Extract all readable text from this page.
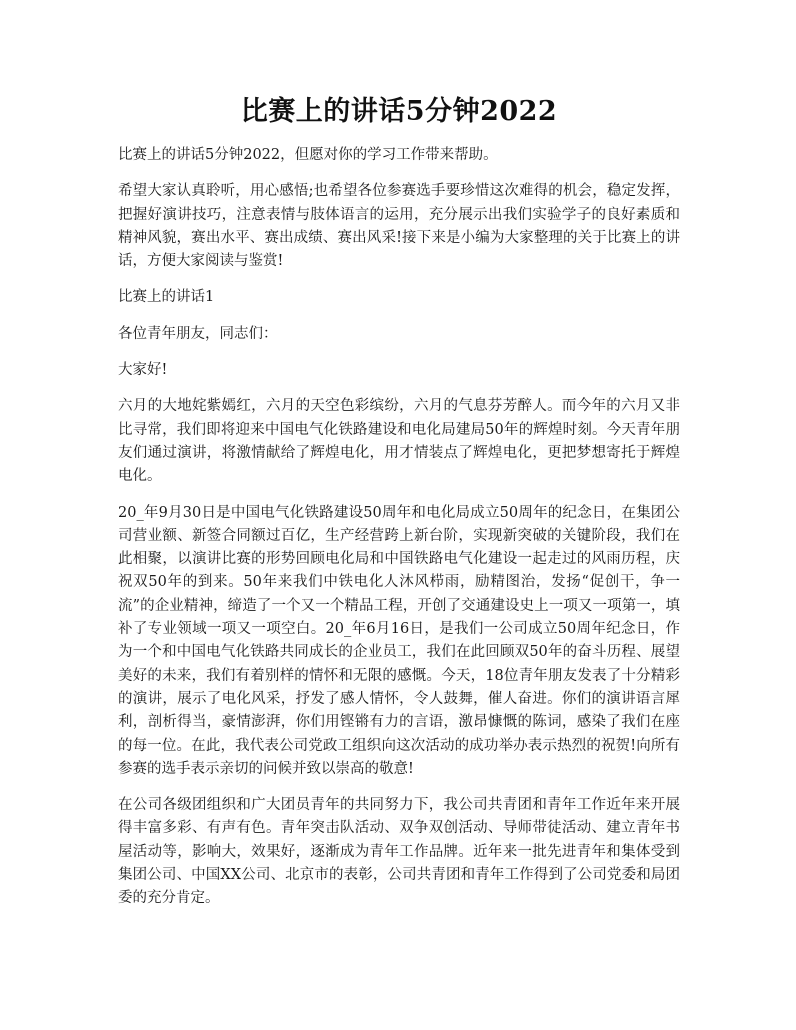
比赛上的讲话5分钟2022

比赛上的讲话5分钟2022，但愿对你的学习工作带来帮助。

希望大家认真聆听，用心感悟;也希望各位参赛选手要珍惜这次难得的机会，稳定发挥，把握好演讲技巧，注意表情与肢体语言的运用，充分展示出我们实验学子的良好素质和精神风貌，赛出水平、赛出成绩、赛出风采!接下来是小编为大家整理的关于比赛上的讲话，方便大家阅读与鉴赏!

比赛上的讲话1

各位青年朋友，同志们：

大家好!

六月的大地姹紫嫣红，六月的天空色彩缤纷，六月的气息芬芳醉人。而今年的六月又非比寻常，我们即将迎来中国电气化铁路建设和电化局建局50年的辉煌时刻。今天青年朋友们通过演讲，将激情献给了辉煌电化，用才情装点了辉煌电化，更把梦想寄托于辉煌电化。

20_年9月30日是中国电气化铁路建设50周年和电化局成立50周年的纪念日，在集团公司营业额、新签合同额过百亿，生产经营跨上新台阶，实现新突破的关键阶段，我们在此相聚，以演讲比赛的形势回顾电化局和中国铁路电气化建设一起走过的风雨历程，庆祝双50年的到来。50年来我们中铁电化人沐风栉雨，励精图治，发扬“促创干，争一流”的企业精神，缔造了一个又一个精品工程，开创了交通建设史上一项又一项第一，填补了专业领域一项又一项空白。20_年6月16日，是我们一公司成立50周年纪念日，作为一个和中国电气化铁路共同成长的企业员工，我们在此回顾双50年的奋斗历程、展望美好的未来，我们有着别样的情怀和无限的感慨。今天，18位青年朋友发表了十分精彩的演讲，展示了电化风采，抒发了感人情怀，令人鼓舞，催人奋进。你们的演讲语言犀利，剖析得当，豪情澎湃，你们用铿锵有力的言语，激昂慷慨的陈词，感染了我们在座的每一位。在此，我代表公司党政工组织向这次活动的成功举办表示热烈的祝贺!向所有参赛的选手表示亲切的问候并致以崇高的敬意!

在公司各级团组织和广大团员青年的共同努力下，我公司共青团和青年工作近年来开展得丰富多彩、有声有色。青年突击队活动、双争双创活动、导师带徒活动、建立青年书屋活动等，影响大，效果好，逐渐成为青年工作品牌。近年来一批先进青年和集体受到集团公司、中国XX公司、北京市的表彰，公司共青团和青年工作得到了公司党委和局团委的充分肯定。
